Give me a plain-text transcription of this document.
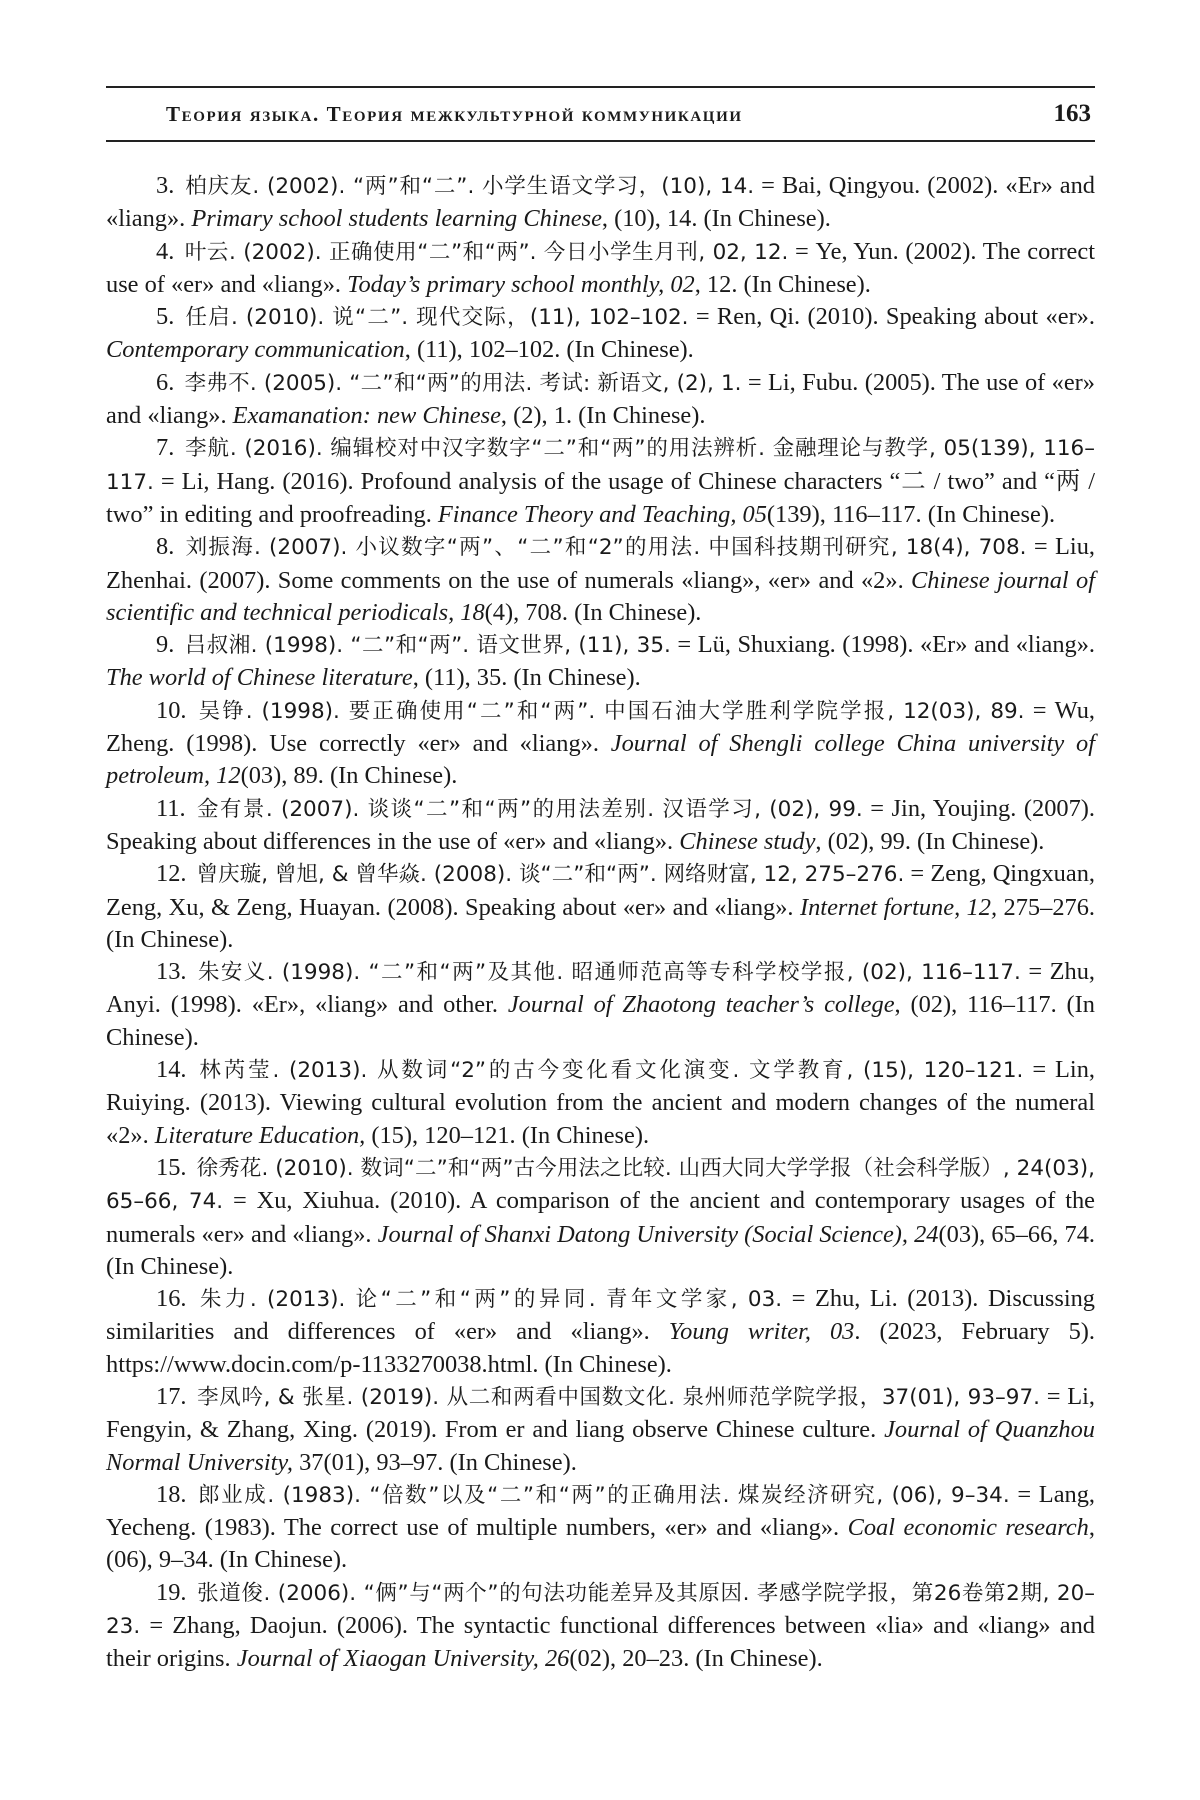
Теория языка. Теория межкультурной коммуникации	163

3. 柏庆友. (2002). “两”和“二”. 小学生语文学习，(10), 14. = Bai, Qingyou. (2002). «Er» and «liang». Primary school students learning Chinese, (10), 14. (In Chinese).

4. 叶云. (2002). 正确使用“二”和“两”. 今日小学生月刊, 02, 12. = Ye, Yun. (2002). The correct use of «er» and «liang». Today’s primary school monthly, 02, 12. (In Chinese).

5. 任启. (2010). 说“二”. 现代交际，(11), 102–102. = Ren, Qi. (2010). Speaking about «er». Contemporary communication, (11), 102–102. (In Chinese).

6. 李弗不. (2005). “二”和“两”的用法. 考试: 新语文, (2), 1. = Li, Fubu. (2005). The use of «er» and «liang». Examanation: new Chinese, (2), 1. (In Chinese).

7. 李航. (2016). 编辑校对中汉字数字“二”和“两”的用法辨析. 金融理论与教学, 05(139), 116–117. = Li, Hang. (2016). Profound analysis of the usage of Chinese characters “二 / two” and “两 / two” in editing and proofreading. Finance Theory and Teaching, 05(139), 116–117. (In Chinese).

8. 刘振海. (2007). 小议数字“两”、“二”和“2”的用法. 中国科技期刊研究, 18(4), 708. = Liu, Zhenhai. (2007). Some comments on the use of numerals «liang», «er» and «2». Chinese journal of scientific and technical periodicals, 18(4), 708. (In Chinese).

9. 吕叔湘. (1998). “二”和“两”. 语文世界, (11), 35. = Lü, Shuxiang. (1998). «Er» and «liang». The world of Chinese literature, (11), 35. (In Chinese).

10. 吴铮. (1998). 要正确使用“二”和“两”. 中国石油大学胜利学院学报, 12(03), 89. = Wu, Zheng. (1998). Use correctly «er» and «liang». Journal of Shengli college China university of petroleum, 12(03), 89. (In Chinese).

11. 金有景. (2007). 谈谈“二”和“两”的用法差别. 汉语学习, (02), 99. = Jin, Youjing. (2007). Speaking about differences in the use of «er» and «liang». Chinese study, (02), 99. (In Chinese).

12. 曾庆璇, 曾旭, & 曾华焱. (2008). 谈“二”和“两”. 网络财富, 12, 275–276. = Zeng, Qingxuan, Zeng, Xu, & Zeng, Huayan. (2008). Speaking about «er» and «liang». Internet fortune, 12, 275–276. (In Chinese).

13. 朱安义. (1998). “二”和“两”及其他. 昭通师范高等专科学校学报, (02), 116–117. = Zhu, Anyi. (1998). «Er», «liang» and other. Journal of Zhaotong teacher’s college, (02), 116–117. (In Chinese).

14. 林芮莹. (2013). 从数词“2”的古今变化看文化演变. 文学教育, (15), 120–121. = Lin, Ruiying. (2013). Viewing cultural evolution from the ancient and modern changes of the numeral «2». Literature Education, (15), 120–121. (In Chinese).

15. 徐秀花. (2010). 数词“二”和“两”古今用法之比较. 山西大同大学学报（社会科学版）, 24(03), 65–66, 74. = Xu, Xiuhua. (2010). A comparison of the ancient and contemporary usages of the numerals «er» and «liang». Journal of Shanxi Datong University (Social Science), 24(03), 65–66, 74. (In Chinese).

16. 朱力. (2013). 论“二”和“两”的异同. 青年文学家, 03. = Zhu, Li. (2013). Discussing similarities and differences of «er» and «liang». Young writer, 03. (2023, February 5). https://www.docin.com/p-1133270038.html. (In Chinese).

17. 李凤吟, & 张星. (2019). 从二和两看中国数文化. 泉州师范学院学报，37(01), 93–97. = Li, Fengyin, & Zhang, Xing. (2019). From er and liang observe Chinese culture. Journal of Quanzhou Normal University, 37(01), 93–97. (In Chinese).

18. 郎业成. (1983). “倍数”以及“二”和“两”的正确用法. 煤炭经济研究, (06), 9–34. = Lang, Yecheng. (1983). The correct use of multiple numbers, «er» and «liang». Coal economic research, (06), 9–34. (In Chinese).

19. 张道俊. (2006). “俩”与“两个”的句法功能差异及其原因. 孝感学院学报，第26卷第2期, 20–23. = Zhang, Daojun. (2006). The syntactic functional differences between «lia» and «liang» and their origins. Journal of Xiaogan University, 26(02), 20–23. (In Chinese).
